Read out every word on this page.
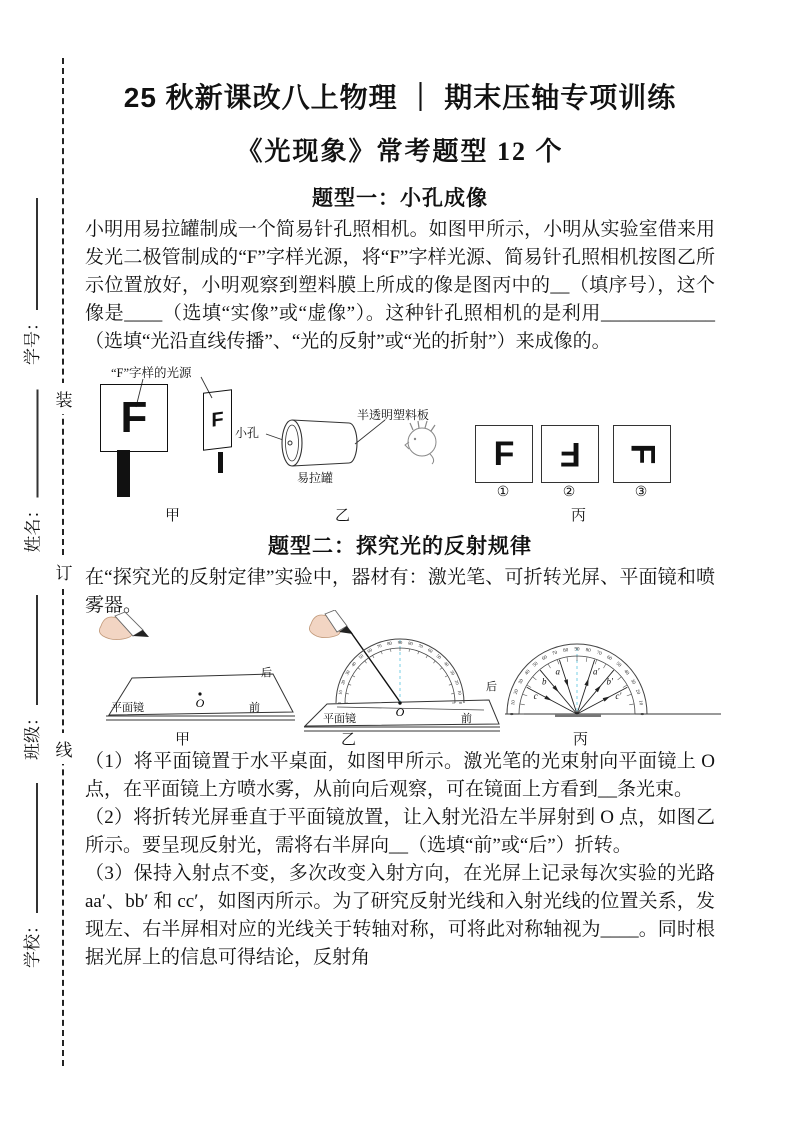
装
订
线
学号：
姓名：
班级：
学校：
25 秋新课改八上物理 ｜ 期末压轴专项训练
《光现象》常考题型 12 个
题型一：小孔成像

小明用易拉罐制成一个简易针孔照相机。如图甲所示，小明从实验室借来用发光二极管制成的“F”字样光源，将“F”字样光源、简易针孔照相机按图乙所示位置放好，小明观察到塑料膜上所成的像是图丙中的__（填序号），这个像是____（选填“实像”或“虚像”）。这种针孔照相机的是利用____________（选填“光沿直线传播”、“光的反射”或“光的折射”）来成像的。

“F”字样的光源
F	F
小孔
易拉罐
半透明塑料板
F F F
①	②	③
甲	乙	丙
题型二：探究光的反射规律

在“探究光的反射定律”实验中，器材有：激光笔、可折转光屏、平面镜和喷雾器。

O
平面镜
后
前	O
平面镜
后
前
0
10
20
30
40
50
60
70 80 90 80 70
60
50
40
30
20
10
0
0
10
20
30
40
50
60
70 80 90 80 70
60
50
40
30
20
10
0
a
b
c
a′
b′
c′
甲	乙	丙

（1）将平面镜置于水平桌面，如图甲所示。激光笔的光束射向平面镜上 O 点，在平面镜上方喷水雾，从前向后观察，可在镜面上方看到__条光束。

（2）将折转光屏垂直于平面镜放置，让入射光沿左半屏射到 O 点，如图乙所示。要呈现反射光，需将右半屏向__（选填“前”或“后”）折转。

（3）保持入射点不变，多次改变入射方向，在光屏上记录每次实验的光路 aa′、bb′ 和 cc′，如图丙所示。为了研究反射光线和入射光线的位置关系，发现左、右半屏相对应的光线关于转轴对称，可将此对称轴视为____。同时根据光屏上的信息可得结论，反射角
